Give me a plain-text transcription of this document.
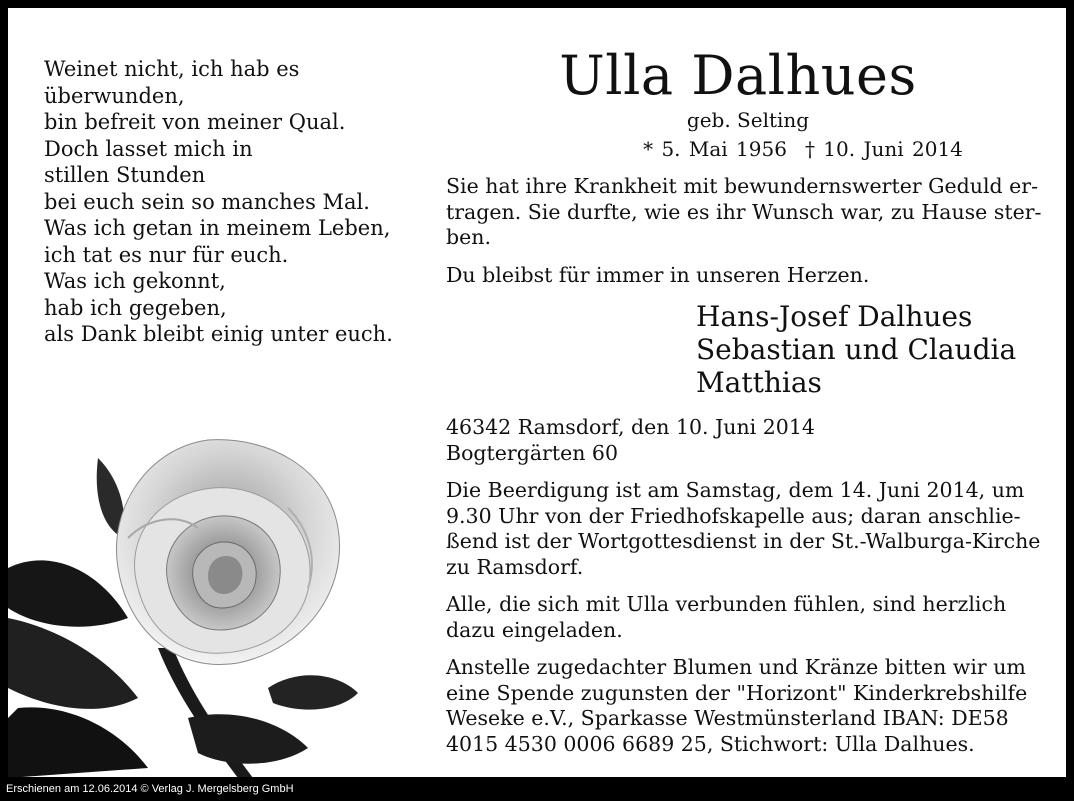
Weinet nicht, ich hab es
überwunden,
bin befreit von meiner Qual.
Doch lasset mich in
stillen Stunden
bei euch sein so manches Mal.
Was ich getan in meinem Leben,
ich tat es nur für euch.
Was ich gekonnt,
hab ich gegeben,
als Dank bleibt einig unter euch.
Ulla Dalhues
geb. Selting
* 5. Mai 1956 † 10. Juni 2014
Sie hat ihre Krankheit mit bewundernswerter Geduld er-
tragen. Sie durfte, wie es ihr Wunsch war, zu Hause ster-
ben.
Du bleibst für immer in unseren Herzen.
Hans-Josef Dalhues
Sebastian und Claudia
Matthias
46342 Ramsdorf, den 10. Juni 2014
Bogtergärten 60
Die Beerdigung ist am Samstag, dem 14. Juni 2014, um
9.30 Uhr von der Friedhofskapelle aus; daran anschlie-
ßend ist der Wortgottesdienst in der St.-Walburga-Kirche
zu Ramsdorf.
Alle, die sich mit Ulla verbunden fühlen, sind herzlich
dazu eingeladen.
Anstelle zugedachter Blumen und Kränze bitten wir um
eine Spende zugunsten der "Horizont" Kinderkrebshilfe
Weseke e.V., Sparkasse Westmünsterland IBAN: DE58
4015 4530 0006 6689 25, Stichwort: Ulla Dalhues.
Erschienen am 12.06.2014 © Verlag J. Mergelsberg GmbH
